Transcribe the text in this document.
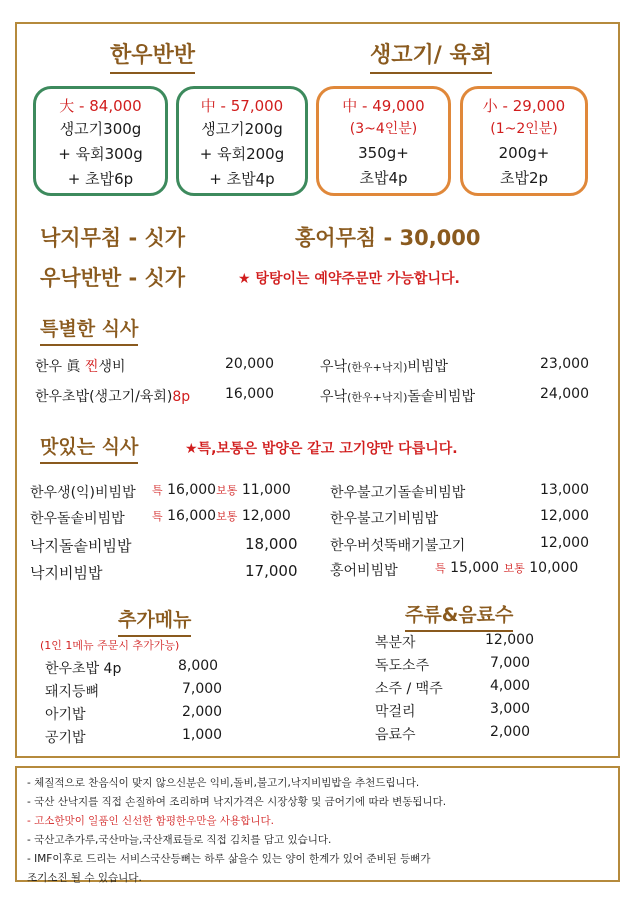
한우반반	생고기/ 육회
大 - 84,000
생고기300g
+ 육회300g
+ 초밥6p
中 - 57,000
생고기200g
+ 육회200g
+ 초밥4p
中 - 49,000
(3~4인분)
350g+
초밥4p
小 - 29,000
(1~2인분)
200g+
초밥2p
낙지무침 - 싯가	홍어무침 - 30,000
우낙반반 - 싯가	★ 탕탕이는 예약주문만 가능합니다.
특별한 식사
한우 眞 찐생비	20,000
한우초밥(생고기/육회)8p 16,000
우낙(한우+낙지)비빔밥	23,000
우낙(한우+낙지)돌솥비빔밥	24,000
맛있는 식사	★특,보통은 밥양은 같고 고기양만 다릅니다.
한우생(익)비빔밥 특 16,000보통 11,000
한우돌솥비빔밥 특 16,000보통 12,000
낙지돌솥비빔밥	18,000
낙지비빔밥	17,000
한우불고기돌솥비빔밥	13,000
한우불고기비빔밥	12,000
한우버섯뚝배기불고기	12,000
홍어비빔밥	특 15,000 보통 10,000
추가메뉴
(1인 1메뉴 주문시 추가가능)
한우초밥 4p	8,000
돼지등뼈	7,000
아기밥	2,000
공기밥	1,000
주류&음료수
복분자	12,000
독도소주	7,000
소주 / 맥주	4,000
막걸리	3,000
음료수	2,000
- 체질적으로 찬음식이 맞지 않으신분은 익비,돌비,불고기,낙지비빔밥을 추천드립니다.
- 국산 산낙지를 직접 손질하여 조리하며 낙지가격은 시장상황 및 금어기에 따라 변동됩니다.
- 고소한맛이 일품인 신선한 함평한우만을 사용합니다.
- 국산고추가루,국산마늘,국산재료들로 직접 김치를 담고 있습니다.
- IMF이후로 드리는 서비스국산등뼈는 하루 삶을수 있는 양이 한계가 있어 준비된 등뼈가
조기소진 될 수 있습니다.
